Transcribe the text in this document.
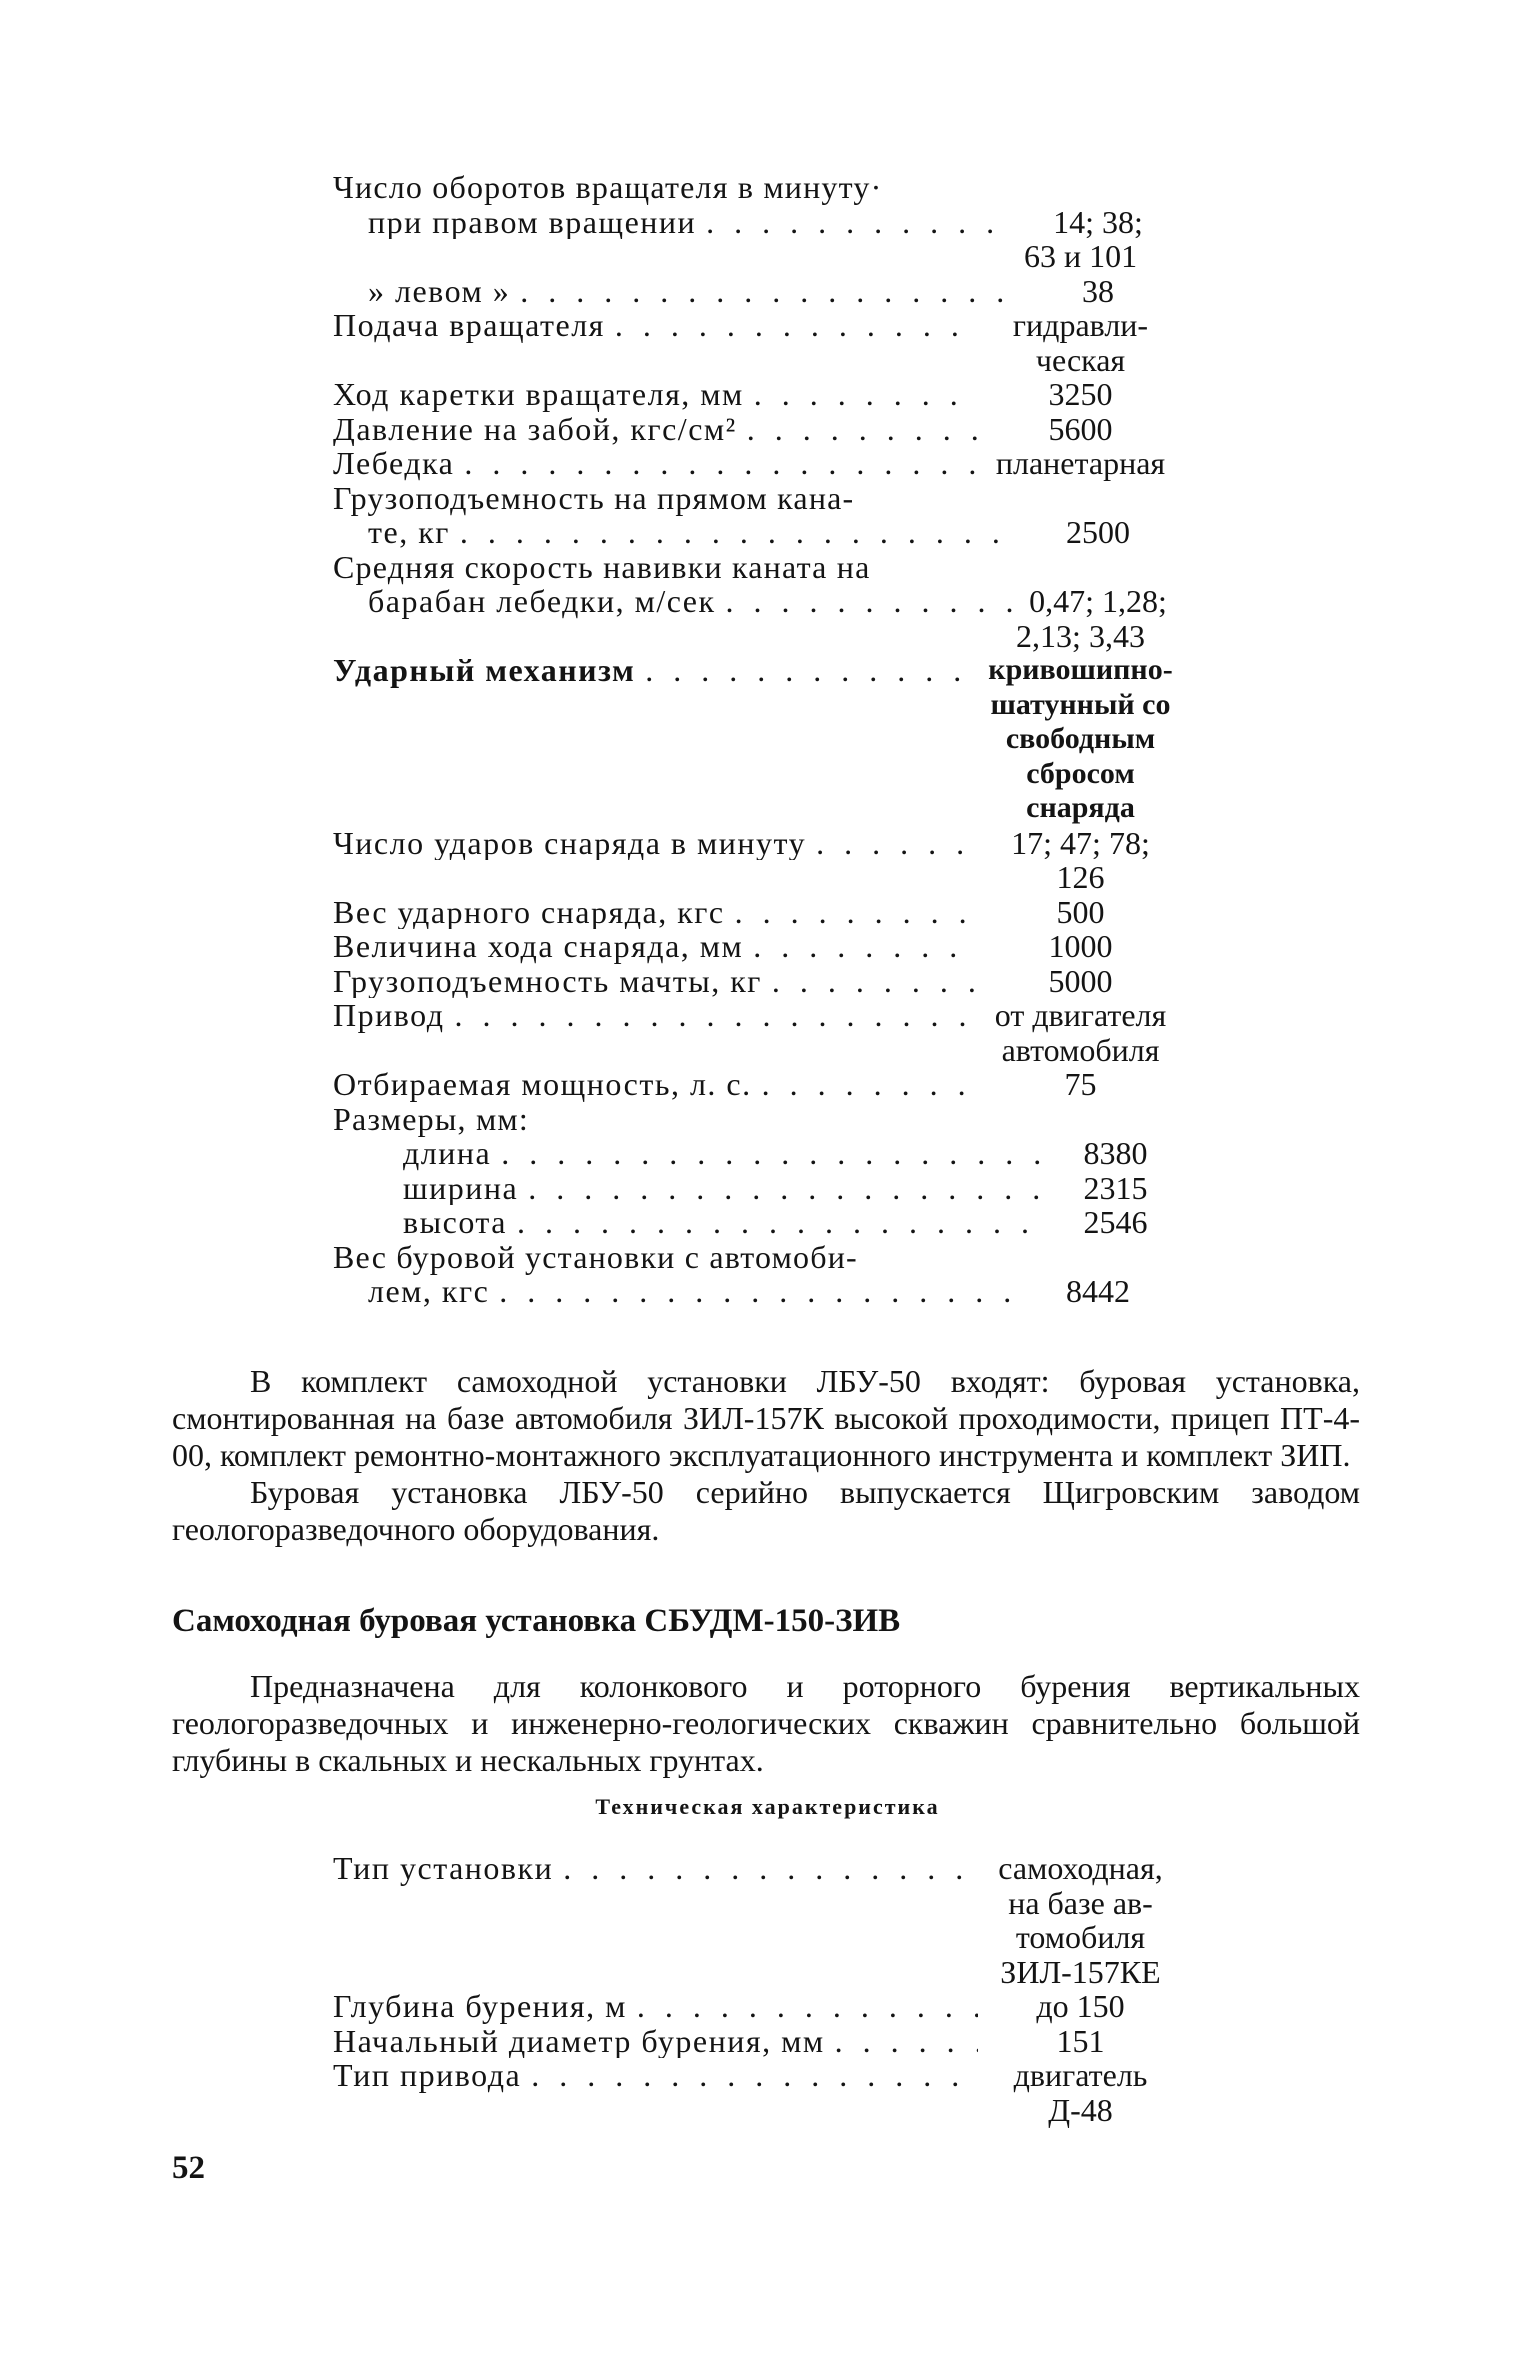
Число оборотов вращателя в минуту·
при правом вращении . . .	14; 38;
63 и 101
» левом » . . .	38
Подача вращателя . . .	гидравли-
ческая
Ход каретки вращателя, мм . . .	3250
Давление на забой, кгс/см² . . .	5600
Лебедка . . .	планетарная
Грузоподъемность на прямом кана-
те, кг . . .	2500
Средняя скорость навивки каната на
барабан лебедки, м/сек . . .	0,47; 1,28;
2,13; 3,43
Ударный механизм . . .	кривошипно-
шатунный со
свободным
сбросом
снаряда
Число ударов снаряда в минуту . . .	17; 47; 78;
126
Вес ударного снаряда, кгс . . .	500
Величина хода снаряда, мм . . .	1000
Грузоподъемность мачты, кг . . .	5000
Привод . . .	от двигателя
автомобиля
Отбираемая мощность, л. с. . . .	75
Размеры, мм:
длина . . .	8380
ширина . . .	2315
высота . . .	2546
Вес буровой установки с автомоби-
лем, кгс . . .	8442

В комплект самоходной установки ЛБУ-50 входят: буровая установка, смонтированная на базе автомобиля ЗИЛ-157К высокой проходимости, прицеп ПТ-4-00, комплект ремонтно-монтажного эксплуатационного инструмента и комплект ЗИП.

Буровая установка ЛБУ-50 серийно выпускается Щигровским заводом геологоразведочного оборудования.

Самоходная буровая установка СБУДМ-150-ЗИВ

Предназначена для колонкового и роторного бурения вертикальных геологоразведочных и инженерно-геологических скважин сравнительно большой глубины в скальных и нескальных грунтах.

Техническая характеристика

Тип установки . . .	самоходная,
на базе ав-
томобиля
ЗИЛ-157КЕ
Глубина бурения, м . . .	до 150
Начальный диаметр бурения, мм . . .	151
Тип привода . . .	двигатель
Д-48

52
